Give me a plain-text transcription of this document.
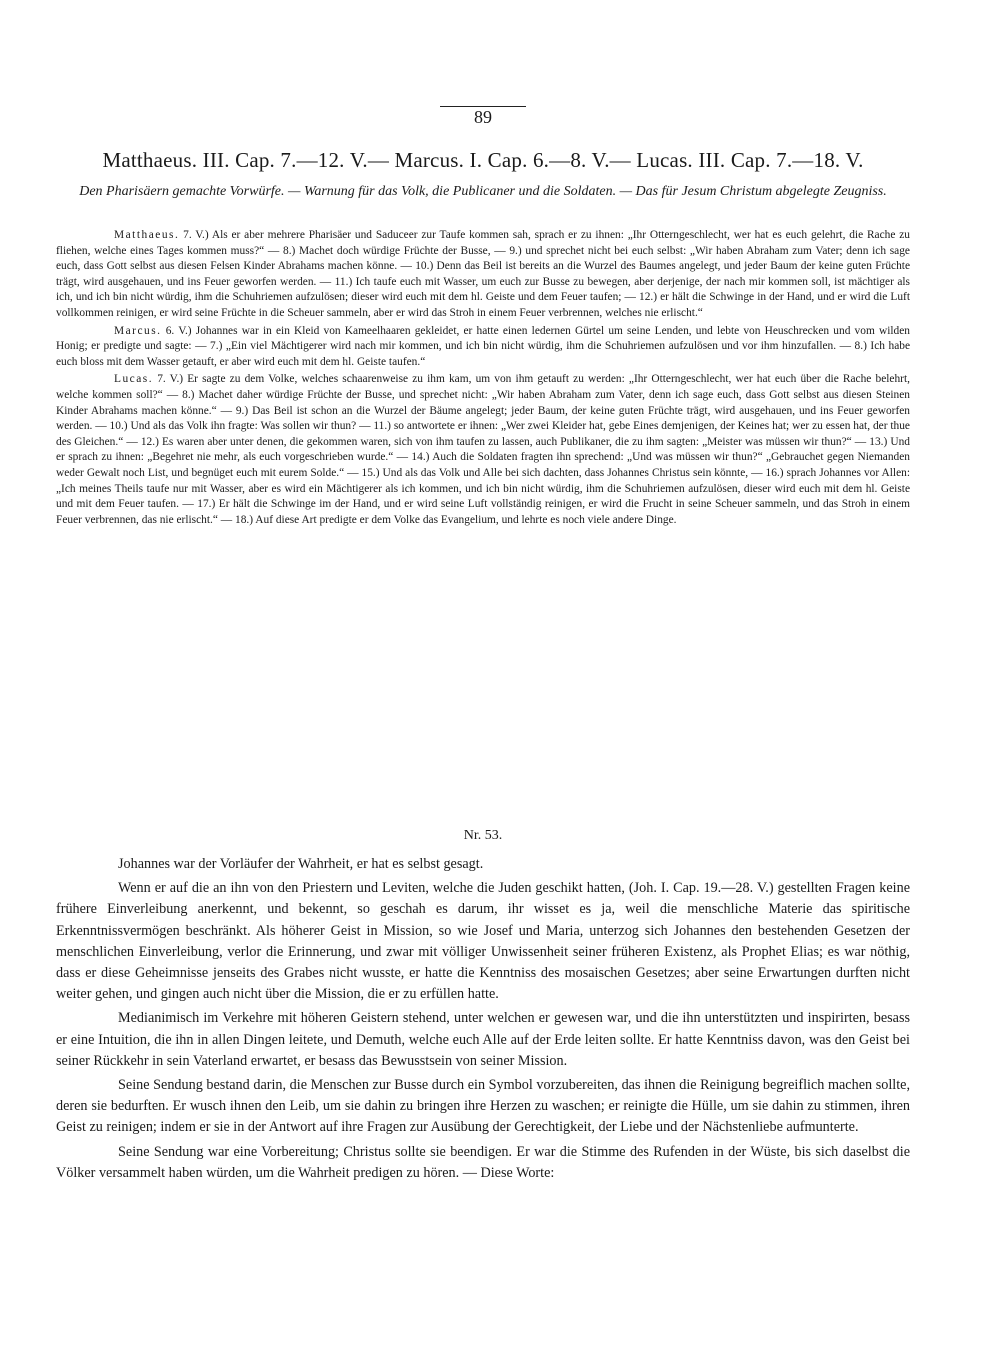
89
Matthaeus. III. Cap. 7.—12. V.— Marcus. I. Cap. 6.—8. V.— Lucas. III. Cap. 7.—18. V.
Den Pharisäern gemachte Vorwürfe. — Warnung für das Volk, die Publicaner und die Soldaten. — Das für Jesum Christum abgelegte Zeugniss.

Matthaeus. 7. V.) Als er aber mehrere Pharisäer und Saduceer zur Taufe kommen sah, sprach er zu ihnen: „Ihr Otterngeschlecht, wer hat es euch gelehrt, die Rache zu fliehen, welche eines Tages kommen muss?“ — 8.) Machet doch würdige Früchte der Busse, — 9.) und sprechet nicht bei euch selbst: „Wir haben Abraham zum Vater; denn ich sage euch, dass Gott selbst aus diesen Felsen Kinder Abrahams machen könne. — 10.) Denn das Beil ist bereits an die Wurzel des Baumes angelegt, und jeder Baum der keine guten Früchte trägt, wird ausgehauen, und ins Feuer geworfen werden. — 11.) Ich taufe euch mit Wasser, um euch zur Busse zu bewegen, aber derjenige, der nach mir kommen soll, ist mächtiger als ich, und ich bin nicht würdig, ihm die Schuhriemen aufzulösen; dieser wird euch mit dem hl. Geiste und dem Feuer taufen; — 12.) er hält die Schwinge in der Hand, und er wird die Luft vollkommen reinigen, er wird seine Früchte in die Scheuer sammeln, aber er wird das Stroh in einem Feuer verbrennen, welches nie erlischt.“

Marcus. 6. V.) Johannes war in ein Kleid von Kameelhaaren gekleidet, er hatte einen ledernen Gürtel um seine Lenden, und lebte von Heuschrecken und vom wilden Honig; er predigte und sagte: — 7.) „Ein viel Mächtigerer wird nach mir kommen, und ich bin nicht würdig, ihm die Schuhriemen aufzulösen und vor ihm hinzufallen. — 8.) Ich habe euch bloss mit dem Wasser getauft, er aber wird euch mit dem hl. Geiste taufen.“

Lucas. 7. V.) Er sagte zu dem Volke, welches schaarenweise zu ihm kam, um von ihm getauft zu werden: „Ihr Otterngeschlecht, wer hat euch über die Rache belehrt, welche kommen soll?“ — 8.) Machet daher würdige Früchte der Busse, und sprechet nicht: „Wir haben Abraham zum Vater, denn ich sage euch, dass Gott selbst aus diesen Steinen Kinder Abrahams machen könne.“ — 9.) Das Beil ist schon an die Wurzel der Bäume angelegt; jeder Baum, der keine guten Früchte trägt, wird ausgehauen, und ins Feuer geworfen werden. — 10.) Und als das Volk ihn fragte: Was sollen wir thun? — 11.) so antwortete er ihnen: „Wer zwei Kleider hat, gebe Eines demjenigen, der Keines hat; wer zu essen hat, der thue des Gleichen.“ — 12.) Es waren aber unter denen, die gekommen waren, sich von ihm taufen zu lassen, auch Publikaner, die zu ihm sagten: „Meister was müssen wir thun?“ — 13.) Und er sprach zu ihnen: „Begehret nie mehr, als euch vorgeschrieben wurde.“ — 14.) Auch die Soldaten fragten ihn sprechend: „Und was müssen wir thun?“ „Gebrauchet gegen Niemanden weder Gewalt noch List, und begnüget euch mit eurem Solde.“ — 15.) Und als das Volk und Alle bei sich dachten, dass Johannes Christus sein könnte, — 16.) sprach Johannes vor Allen: „Ich meines Theils taufe nur mit Wasser, aber es wird ein Mächtigerer als ich kommen, und ich bin nicht würdig, ihm die Schuhriemen aufzulösen, dieser wird euch mit dem hl. Geiste und mit dem Feuer taufen. — 17.) Er hält die Schwinge im der Hand, und er wird seine Luft vollständig reinigen, er wird die Frucht in seine Scheuer sammeln, und das Stroh in einem Feuer verbrennen, das nie erlischt.“ — 18.) Auf diese Art predigte er dem Volke das Evangelium, und lehrte es noch viele andere Dinge.

Nr. 53.

Johannes war der Vorläufer der Wahrheit, er hat es selbst gesagt.

Wenn er auf die an ihn von den Priestern und Leviten, welche die Juden geschikt hatten, (Joh. I. Cap. 19.—28. V.) gestellten Fragen keine frühere Einverleibung anerkennt, und bekennt, so geschah es darum, ihr wisset es ja, weil die menschliche Materie das spiritische Erkenntnissvermögen beschränkt. Als höherer Geist in Mission, so wie Josef und Maria, unterzog sich Johannes den bestehenden Gesetzen der menschlichen Einverleibung, verlor die Erinnerung, und zwar mit völliger Unwissenheit seiner früheren Existenz, als Prophet Elias; es war nöthig, dass er diese Geheimnisse jenseits des Grabes nicht wusste, er hatte die Kenntniss des mosaischen Gesetzes; aber seine Erwartungen durften nicht weiter gehen, und gingen auch nicht über die Mission, die er zu erfüllen hatte.

Medianimisch im Verkehre mit höheren Geistern stehend, unter welchen er gewesen war, und die ihn unterstützten und inspirirten, besass er eine Intuition, die ihn in allen Dingen leitete, und Demuth, welche euch Alle auf der Erde leiten sollte. Er hatte Kenntniss davon, was den Geist bei seiner Rückkehr in sein Vaterland erwartet, er besass das Bewusstsein von seiner Mission.

Seine Sendung bestand darin, die Menschen zur Busse durch ein Symbol vorzubereiten, das ihnen die Reinigung begreiflich machen sollte, deren sie bedurften. Er wusch ihnen den Leib, um sie dahin zu bringen ihre Herzen zu waschen; er reinigte die Hülle, um sie dahin zu stimmen, ihren Geist zu reinigen; indem er sie in der Antwort auf ihre Fragen zur Ausübung der Gerechtigkeit, der Liebe und der Nächstenliebe aufmunterte.

Seine Sendung war eine Vorbereitung; Christus sollte sie beendigen. Er war die Stimme des Rufenden in der Wüste, bis sich daselbst die Völker versammelt haben würden, um die Wahrheit predigen zu hören. — Diese Worte:
